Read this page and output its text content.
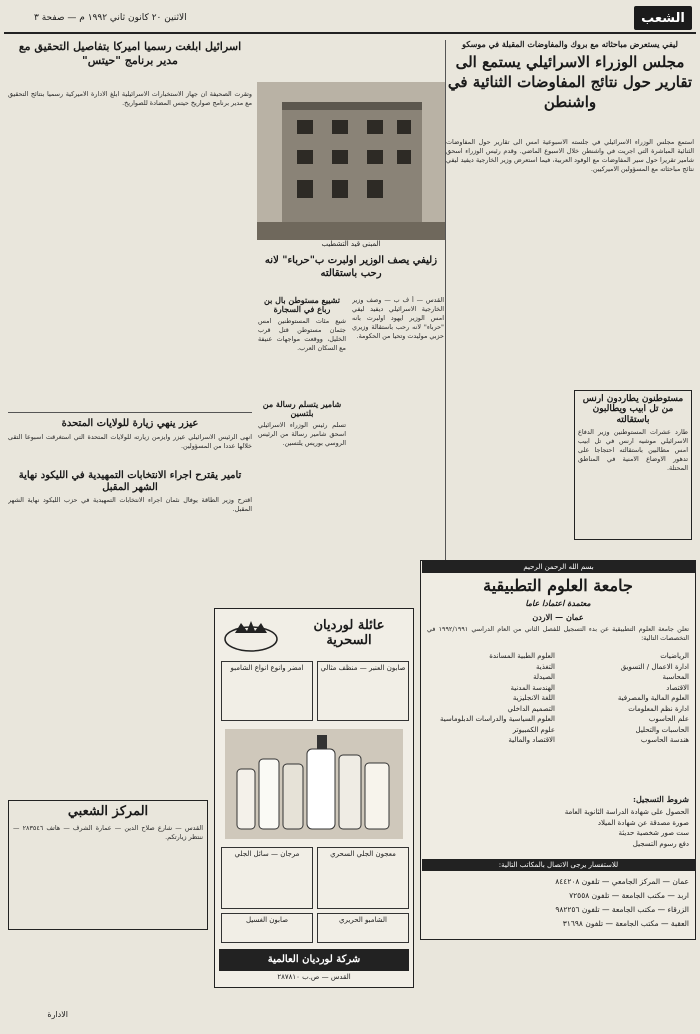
الشعب
الاثنين ٢٠ كانون ثاني ١٩٩٢ م — صفحة ٣
ليفي يستعرض مباحثاته مع بروك والمفاوضات المقبلة في موسكو
مجلس الوزراء الاسرائيلي يستمع الى تقارير حول نتائج المفاوضات الثنائية في واشنطن
استمع مجلس الوزراء الاسرائيلي في جلسته الاسبوعية امس الى تقارير حول المفاوضات الثنائية المباشرة التي اجريت في واشنطن خلال الاسبوع الماضي. وقدم رئيس الوزراء اسحق شامير تقريرا حول سير المفاوضات مع الوفود العربية، فيما استعرض وزير الخارجية ديفيد ليفي نتائج مباحثاته مع المسؤولين الاميركيين.
مستوطنون يطاردون ارنس من تل ابيب ويطالبون باستقالته
طارد عشرات المستوطنين وزير الدفاع الاسرائيلي موشيه ارنس في تل ابيب امس مطالبين باستقالته احتجاجا على تدهور الاوضاع الامنية في المناطق المحتلة.
المبنى قيد التشطيب
زليفي يصف الوزير اولبرت ب"حرباء" لانه رحب باستقالته
القدس — أ ف ب — وصف وزير الخارجية الاسرائيلي ديفيد ليفي امس الوزير ايهود اولبرت بانه "حرباء" لانه رحب باستقالة وزيري حزبي موليدت وتحيا من الحكومة.
تشييع مستوطن بال بن رباع في السجارة
شيع مئات المستوطنين امس جثمان مستوطن قتل قرب الخليل، ووقعت مواجهات عنيفة مع السكان العرب.
شامير يتسلم رسالة من بلتسين
تسلم رئيس الوزراء الاسرائيلي اسحق شامير رسالة من الرئيس الروسي بوريس يلتسين.
اسرائيل ابلغت رسميا اميركا بتفاصيل التحقيق مع مدير برنامج "حيتس"
وتقرت الصحيفة ان جهاز الاستخبارات الاسرائيلية ابلغ الادارة الاميركية رسميا بنتائج التحقيق مع مدير برنامج صواريخ حيتس المضادة للصواريخ.
عيزر ينهي زيارة للولايات المتحدة
انهى الرئيس الاسرائيلي عيزر وايزمن زيارته للولايات المتحدة التي استغرقت اسبوعا التقى خلالها عددا من المسؤولين.
تامير يقترح اجراء الانتخابات التمهيدية في الليكود نهاية الشهر المقبل
اقترح وزير الطاقة يوفال نئمان اجراء الانتخابات التمهيدية في حزب الليكود نهاية الشهر المقبل.
بسم الله الرحمن الرحيم
جامعة العلوم التطبيقية
معتمدة اعتمادا عاما
عمان — الاردن
تعلن جامعة العلوم التطبيقية عن بدء التسجيل للفصل الثاني من العام الدراسي ١٩٩٢/١٩٩١ في التخصصات التالية:
الرياضيات
ادارة الاعمال / التسويق
المحاسبة
الاقتصاد
العلوم المالية والمصرفية
ادارة نظم المعلومات
علم الحاسوب
الحاسبات والتحليل
هندسة الحاسوب
العلوم الطبية المساندة
التغذية
الصيدلة
الهندسة المدنية
اللغة الانجليزية
التصميم الداخلي
العلوم السياسية والدراسات الدبلوماسية
علوم الكمبيوتر
الاقتصاد والمالية
شروط التسجيل:
الحصول على شهادة الدراسة الثانوية العامة
صورة مصدقة عن شهادة الميلاد
ست صور شخصية حديثة
دفع رسوم التسجيل
للاستفسار يرجى الاتصال بالمكاتب التالية:
عمان — المركز الجامعي — تلفون ٨٤٤٢٠٨
اربد — مكتب الجامعة — تلفون ٧٢٥٥٨
الزرقاء — مكتب الجامعة — تلفون ٩٨٢٢٥٦
العقبة — مكتب الجامعة — تلفون ٣١٦٩٨
عائلة لورديان السحرية
صابون العنبر — منظف مثالي
امضر وانوع انواع الشامبو
معجون الجلي السحري
مرجان — سائل الجلي
الشامبو الحريري
صابون الغسيل
شركة لورديان العالمية
القدس — ص.ب ٢٨٧٨١٠
المركز الشعبي
القدس — شارع صلاح الدين — عمارة الشرف — هاتف ٢٨٣٥٤٦ — ننتظر زيارتكم.
الادارة
